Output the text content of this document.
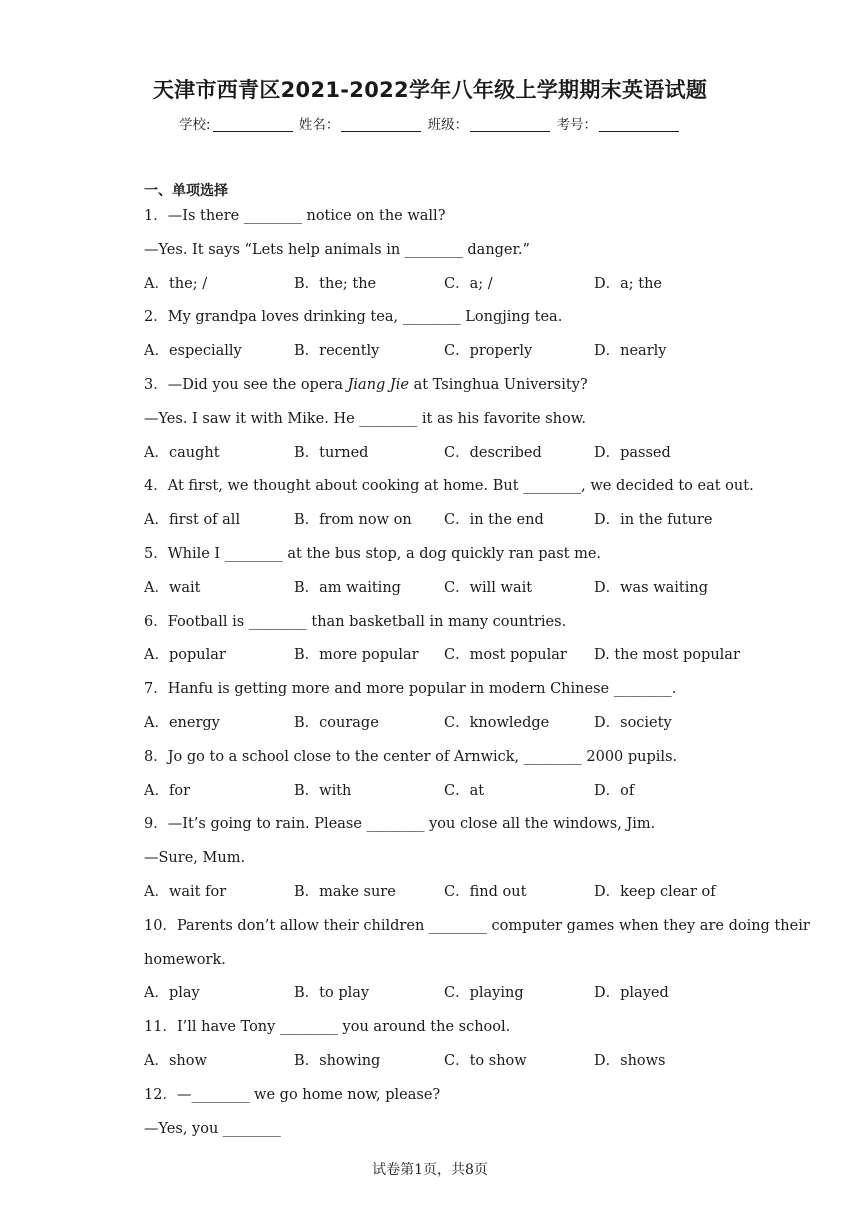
天津市西青区2021-2022学年八年级上学期期末英语试题
学校:	姓名：	班级：	考号：
一、单项选择
1．—Is there ________ notice on the wall?
—Yes. It says “Lets help animals in ________ danger.”
A．the; /	B．the; the	C．a; /	D．a; the
2．My grandpa loves drinking tea, ________ Longjing tea.
A．especially	B．recently	C．properly	D．nearly
3．—Did you see the opera Jiang Jie at Tsinghua University?
—Yes. I saw it with Mike. He ________ it as his favorite show.
A．caught	B．turned	C．described	D．passed
4．At first, we thought about cooking at home. But ________, we decided to eat out.
A．first of all	B．from now on C．in the end	D．in the future
5．While I ________ at the bus stop, a dog quickly ran past me.
A．wait	B．am waiting	C．will wait	D．was waiting
6．Football is ________ than basketball in many countries.
A．popular	B．more popular C．most popular D. the most popular
7．Hanfu is getting more and more popular in modern Chinese ________.
A．energy	B．courage	C．knowledge	D．society
8．Jo go to a school close to the center of Arnwick, ________ 2000 pupils.
A．for	B．with	C．at	D．of
9．—It’s going to rain. Please ________ you close all the windows, Jim.
—Sure, Mum.
A．wait for	B．make sure	C．find out	D．keep clear of
10．Parents don’t allow their children ________ computer games when they are doing their
homework.
A．play	B．to play	C．playing	D．played
11．I’ll have Tony ________ you around the school.
A．show	B．showing	C．to show	D．shows
12．—________ we go home now, please?
—Yes, you ________
试卷第1页，共8页
